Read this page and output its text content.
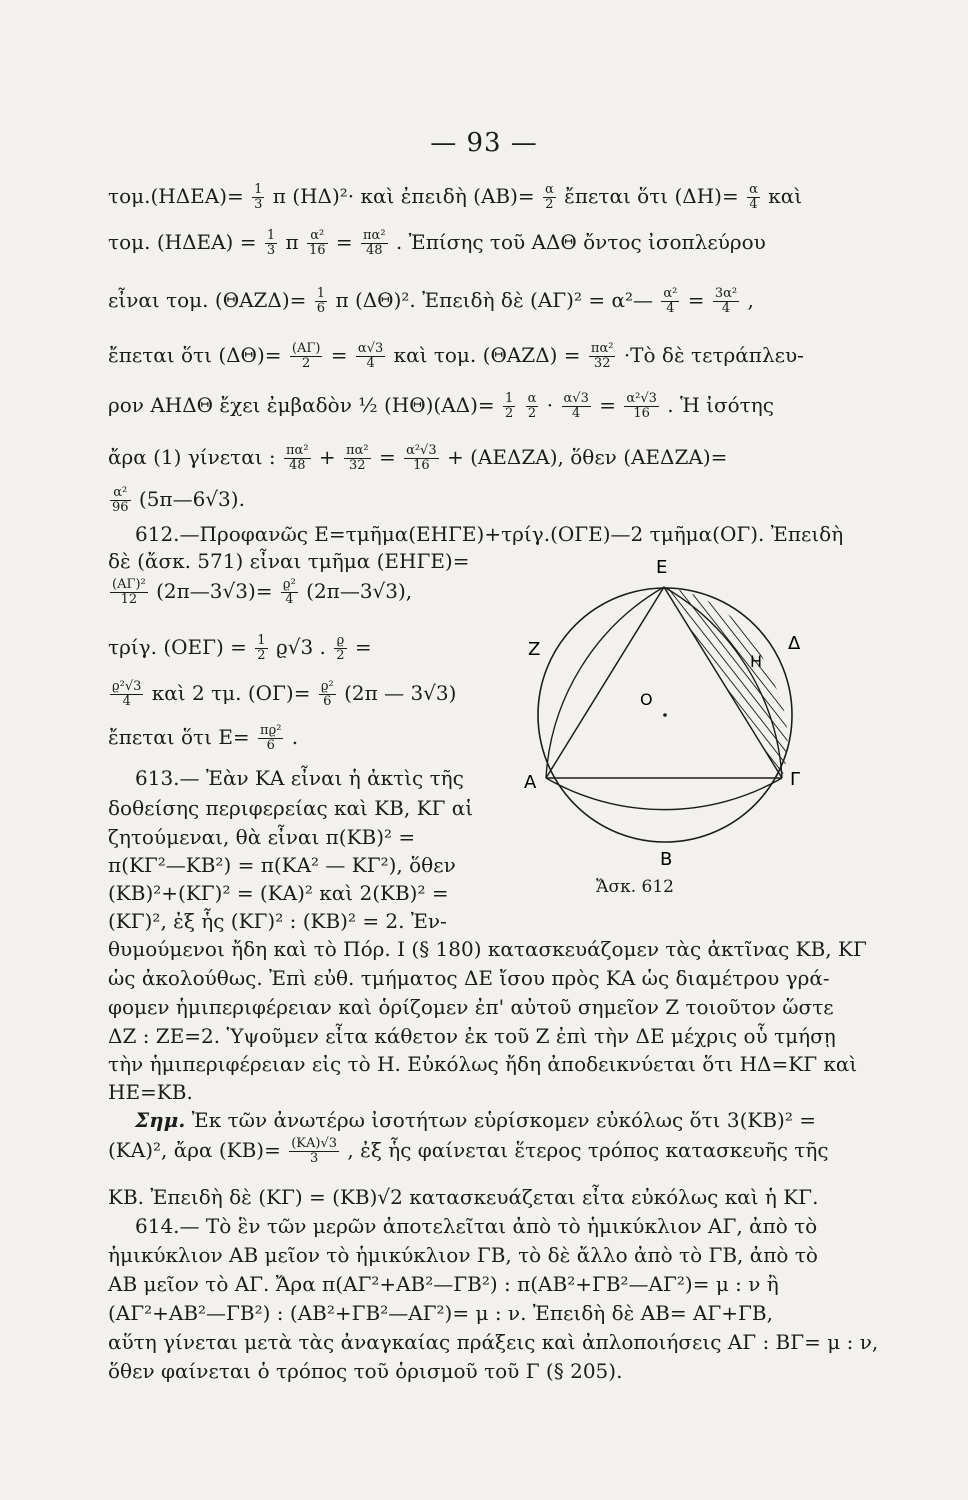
— 93 —
$\tau o\mu.(H\Delta EA)= \frac{1}{3}$ π (ΗΔ)²· καὶ ἐπειδὴ $(AB)= \frac{\alpha}{2}$ ἔπεται ὅτι $(\Delta H)= \frac{\alpha}{4}$ καὶ
τομ. $(H\Delta EA) = \frac{1}{3}$ π $\frac{\text{α²}}{16} = \frac{\text{πα²}}{48}$ . Ἐπίσης τοῦ ΑΔΘ ὄντος ἰσοπλεύρου
εἶναι τομ. $(\Theta AZ\Delta)= \frac{1}{6}$ π (ΔΘ)². Ἐπειδὴ δὲ (ΑΓ)² = α²— $\frac{\text{α²}}{4} = \frac{\text{3α²}}{4}$ ,
ἔπεται ὅτι $(\Delta\Theta)= \frac{(A\Gamma)}{2} = \frac{\alpha√3}{4}$ καὶ τομ. $(\Theta AZ\Delta) = \frac{\text{πα²}}{32}$ ·Τὸ δὲ τετράπλευ-
ρον ΑΗΔΘ ἔχει ἐμβαδὸν ½ $(H\Theta)(A\Delta)= \frac{1}{2}$
$\frac{\alpha}{2} \cdot \frac{\alpha√3}{4} = \frac{\text{α²√3}}{16}$ . Ἡ ἰσότης
ἄρα (1) γίνεται : $\frac{\text{πα²}}{48} + \frac{\text{πα²}}{32} = \frac{\text{α²√3}}{16} + (AE\Delta ZA)$, ὅθεν (ΑΕΔΖΑ)=
$\frac{\text{α²}}{96}$ (5π—6√3).
612.—Προφανῶς Ε=τμῆμα(ΕΗΓΕ)+τρίγ.(ΟΓΕ)—2 τμῆμα(ΟΓ). Ἐπειδὴ
δὲ (ἄσκ. 571) εἶναι τμῆμα (ΕΗΓΕ)=
$\frac{\text{(ΑΓ)²}}{12}$ (2π—3√3)= $\frac{\text{ϱ²}}{4}$ (2π—3√3),
τρίγ. $(OE\Gamma) = \frac{1}{2} ϱ√3$ . $\frac{ϱ}{2}$ =
$\frac{\text{ϱ²√3}}{4}$ καὶ 2 τμ. $(O\Gamma)= \frac{\text{ϱ²}}{6} (2\pi$ — 3√3)
ἔπεται ὅτι $E= \frac{\text{πϱ²}}{6}$ .
613.— Ἐὰν ΚΑ εἶναι ἡ ἀκτὶς τῆς
δοθείσης περιφερείας καὶ ΚΒ, ΚΓ αἱ
ζητούμεναι, θὰ εἶναι π(ΚΒ)² =
π(ΚΓ²—ΚΒ²) = π(ΚΑ² — ΚΓ²), ὅθεν
(ΚΒ)²+(ΚΓ)² = (ΚΑ)² καὶ 2(ΚΒ)² =
(ΚΓ)², ἐξ ἧς (ΚΓ)² : (ΚΒ)² = 2. Ἐν-
θυμούμενοι ἤδη καὶ τὸ Πόρ. I (§ 180) κατασκευάζομεν τὰς ἀκτῖνας ΚΒ, ΚΓ
ὡς ἀκολούθως. Ἐπὶ εὐθ. τμήματος ΔΕ ἴσου πρὸς ΚΑ ὡς διαμέτρου γρά-
φομεν ἡμιπεριφέρειαν καὶ ὁρίζομεν ἐπ' αὐτοῦ σημεῖον Ζ τοιοῦτον ὥστε
ΔΖ : ΖΕ=2. Ὑψοῦμεν εἶτα κάθετον ἐκ τοῦ Ζ ἐπὶ τὴν ΔΕ μέχρις οὗ τμήσῃ
τὴν ἡμιπεριφέρειαν εἰς τὸ Η. Εὐκόλως ἤδη ἀποδεικνύεται ὅτι ΗΔ=ΚΓ καὶ
ΗΕ=ΚΒ.
Σημ. Ἐκ τῶν ἀνωτέρω ἰσοτήτων εὑρίσκομεν εὐκόλως ὅτι 3(ΚΒ)² =
(ΚΑ)², ἄρα $(KB)= \frac{(KA)√3}{3}$ , ἐξ ἧς φαίνεται ἕτερος τρόπος κατασκευῆς τῆς
ΚΒ. Ἐπειδὴ δὲ (ΚΓ) = (ΚΒ)√2 κατασκευάζεται εἶτα εὐκόλως καὶ ἡ ΚΓ.
614.— Τὸ ἓν τῶν μερῶν ἀποτελεῖται ἀπὸ τὸ ἡμικύκλιον ΑΓ, ἀπὸ τὸ
ἡμικύκλιον ΑΒ μεῖον τὸ ἡμικύκλιον ΓΒ, τὸ δὲ ἄλλο ἀπὸ τὸ ΓΒ, ἀπὸ τὸ
ΑΒ μεῖον τὸ ΑΓ. Ἄρα π(ΑΓ²+ΑΒ²—ΓΒ²) : π(ΑΒ²+ΓΒ²—ΑΓ²)= μ : ν ἢ
(ΑΓ²+ΑΒ²—ΓΒ²) : (ΑΒ²+ΓΒ²—ΑΓ²)= μ : ν. Ἐπειδὴ δὲ ΑΒ= ΑΓ+ΓΒ,
αὕτη γίνεται μετὰ τὰς ἀναγκαίας πράξεις καὶ ἀπλοποιήσεις ΑΓ : ΒΓ= μ : ν,
ὅθεν φαίνεται ὁ τρόπος τοῦ ὁρισμοῦ τοῦ Γ (§ 205).
Ε
Ζ
Η
Δ
Ο
Α	Γ
Β
Ἄσκ. 612
